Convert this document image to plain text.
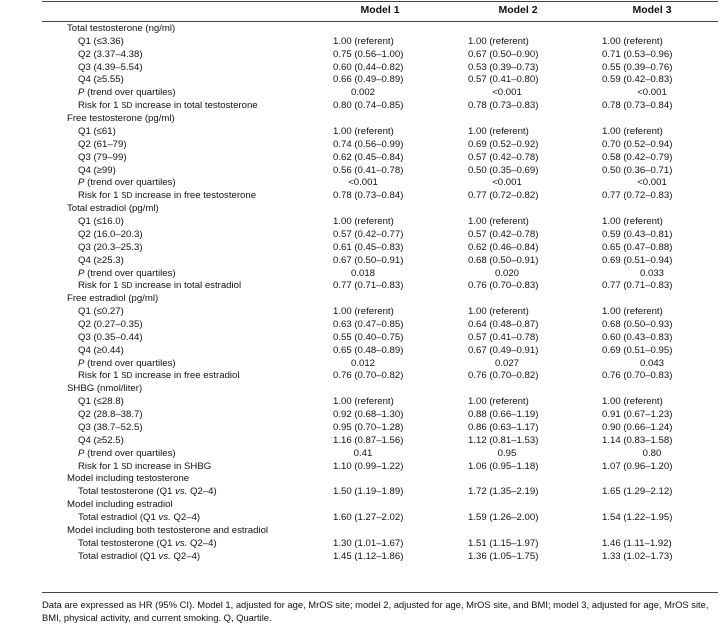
Model 1	Model 2	Model 3
Total testosterone (ng/ml)
Q1 (≤3.36)	1.00 (referent)	1.00 (referent)	1.00 (referent)
Q2 (3.37–4.38)	0.75 (0.56–1.00)	0.67 (0.50–0.90)	0.71 (0.53–0.96)
Q3 (4.39–5.54)	0.60 (0.44–0.82)	0.53 (0.39–0.73)	0.55 (0.39–0.76)
Q4 (≥5.55)	0.66 (0.49–0.89)	0.57 (0.41–0.80)	0.59 (0.42–0.83)
P (trend over quartiles)	0.002	<0.001	<0.001
Risk for 1 SD increase in total testosterone	0.80 (0.74–0.85)	0.78 (0.73–0.83)	0.78 (0.73–0.84)
Free testosterone (pg/ml)
Q1 (≤61)	1.00 (referent)	1.00 (referent)	1.00 (referent)
Q2 (61–79)	0.74 (0.56–0.99)	0.69 (0.52–0.92)	0.70 (0.52–0.94)
Q3 (79–99)	0.62 (0.45–0.84)	0.57 (0.42–0.78)	0.58 (0.42–0.79)
Q4 (≥99)	0.56 (0.41–0.78)	0.50 (0.35–0.69)	0.50 (0.36–0.71)
P (trend over quartiles)	<0.001	<0.001	<0.001
Risk for 1 SD increase in free testosterone	0.78 (0.73–0.84)	0.77 (0.72–0.82)	0.77 (0.72–0.83)
Total estradiol (pg/ml)
Q1 (≤16.0)	1.00 (referent)	1.00 (referent)	1.00 (referent)
Q2 (16.0–20.3)	0.57 (0.42–0.77)	0.57 (0.42–0.78)	0.59 (0.43–0.81)
Q3 (20.3–25.3)	0.61 (0.45–0.83)	0.62 (0.46–0.84)	0.65 (0.47–0.88)
Q4 (≥25.3)	0.67 (0.50–0.91)	0.68 (0.50–0.91)	0.69 (0.51–0.94)
P (trend over quartiles)	0.018	0.020	0.033
Risk for 1 SD increase in total estradiol	0.77 (0.71–0.83)	0.76 (0.70–0.83)	0.77 (0.71–0.83)
Free estradiol (pg/ml)
Q1 (≤0.27)	1.00 (referent)	1.00 (referent)	1.00 (referent)
Q2 (0.27–0.35)	0.63 (0.47–0.85)	0.64 (0.48–0.87)	0.68 (0.50–0.93)
Q3 (0.35–0.44)	0.55 (0.40–0.75)	0.57 (0.41–0.78)	0.60 (0.43–0.83)
Q4 (≥0.44)	0.65 (0.48–0.89)	0.67 (0.49–0.91)	0.69 (0.51–0.95)
P (trend over quartiles)	0.012	0.027	0.043
Risk for 1 SD increase in free estradiol	0.76 (0.70–0.82)	0.76 (0.70–0.82)	0.76 (0.70–0.83)
SHBG (nmol/liter)
Q1 (≤28.8)	1.00 (referent)	1.00 (referent)	1.00 (referent)
Q2 (28.8–38.7)	0.92 (0.68–1.30)	0.88 (0.66–1.19)	0.91 (0.67–1.23)
Q3 (38.7–52.5)	0.95 (0.70–1.28)	0.86 (0.63–1.17)	0.90 (0.66–1.24)
Q4 (≥52.5)	1.16 (0.87–1.56)	1.12 (0.81–1.53)	1.14 (0.83–1.58)
P (trend over quartiles)	0.41	0.95	0.80
Risk for 1 SD increase in SHBG	1.10 (0.99–1.22)	1.06 (0.95–1.18)	1.07 (0.96–1.20)
Model including testosterone
Total testosterone (Q1 vs. Q2–4)	1.50 (1.19–1.89)	1.72 (1.35–2.19)	1.65 (1.29–2.12)
Model including estradiol
Total estradiol (Q1 vs. Q2–4)	1.60 (1.27–2.02)	1.59 (1.26–2.00)	1.54 (1.22–1.95)
Model including both testosterone and estradiol
Total testosterone (Q1 vs. Q2–4)	1.30 (1.01–1.67)	1.51 (1.15–1.97)	1.46 (1.11–1.92)
Total estradiol (Q1 vs. Q2–4)	1.45 (1.12–1.86)	1.36 (1.05–1.75)	1.33 (1.02–1.73)
Data are expressed as HR (95% CI). Model 1, adjusted for age, MrOS site; model 2, adjusted for age, MrOS site, and BMI; model 3, adjusted for age, MrOS site, BMI, physical activity, and current smoking. Q, Quartile.
